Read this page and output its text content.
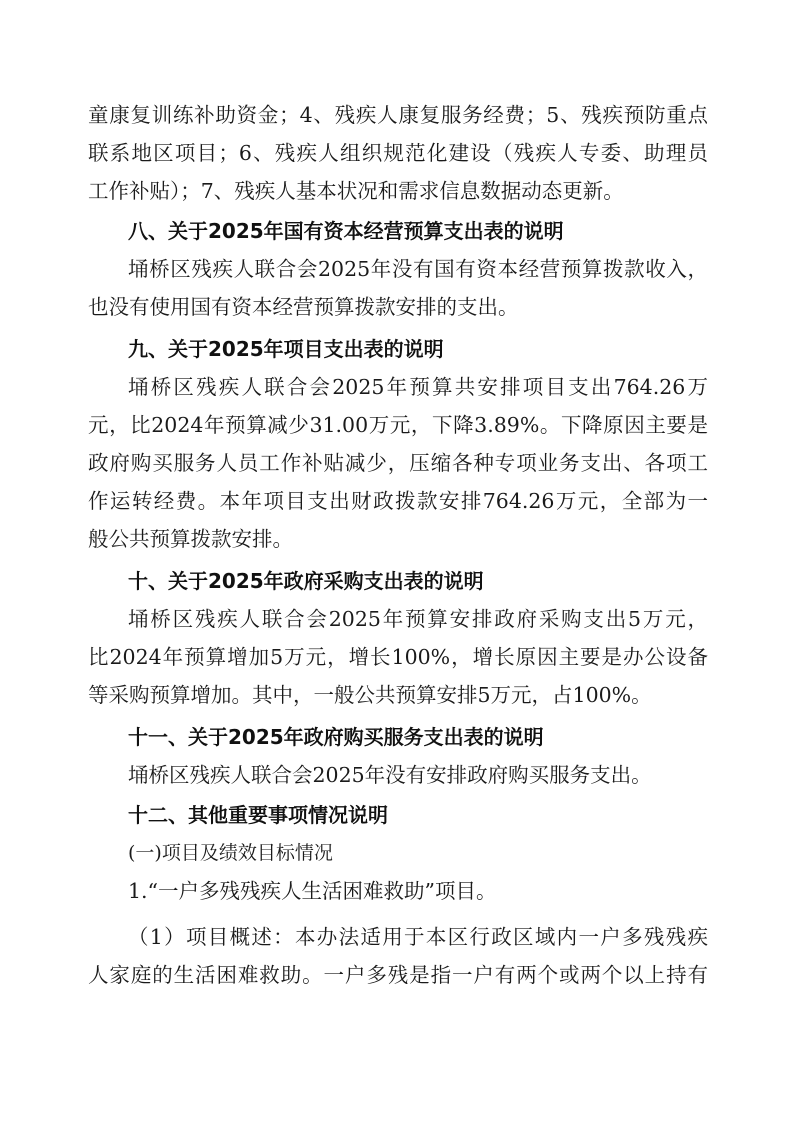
童康复训练补助资金；4、残疾人康复服务经费；5、残疾预防重点
联系地区项目；6、残疾人组织规范化建设（残疾人专委、助理员
工作补贴）；7、残疾人基本状况和需求信息数据动态更新。
八、关于2025年国有资本经营预算支出表的说明
埇桥区残疾人联合会2025年没有国有资本经营预算拨款收入，
也没有使用国有资本经营预算拨款安排的支出。
九、关于2025年项目支出表的说明
埇桥区残疾人联合会2025年预算共安排项目支出764.26万
元，比2024年预算减少31.00万元，下降3.89%。下降原因主要是
政府购买服务人员工作补贴减少，压缩各种专项业务支出、各项工
作运转经费。本年项目支出财政拨款安排764.26万元，全部为一
般公共预算拨款安排。
十、关于2025年政府采购支出表的说明
埇桥区残疾人联合会2025年预算安排政府采购支出5万元，
比2024年预算增加5万元，增长100%，增长原因主要是办公设备
等采购预算增加。其中，一般公共预算安排5万元，占100%。
十一、关于2025年政府购买服务支出表的说明
埇桥区残疾人联合会2025年没有安排政府购买服务支出。
十二、其他重要事项情况说明
(一)项目及绩效目标情况
1.“一户多残残疾人生活困难救助”项目。
（1）项目概述：本办法适用于本区行政区域内一户多残残疾
人家庭的生活困难救助。一户多残是指一户有两个或两个以上持有
